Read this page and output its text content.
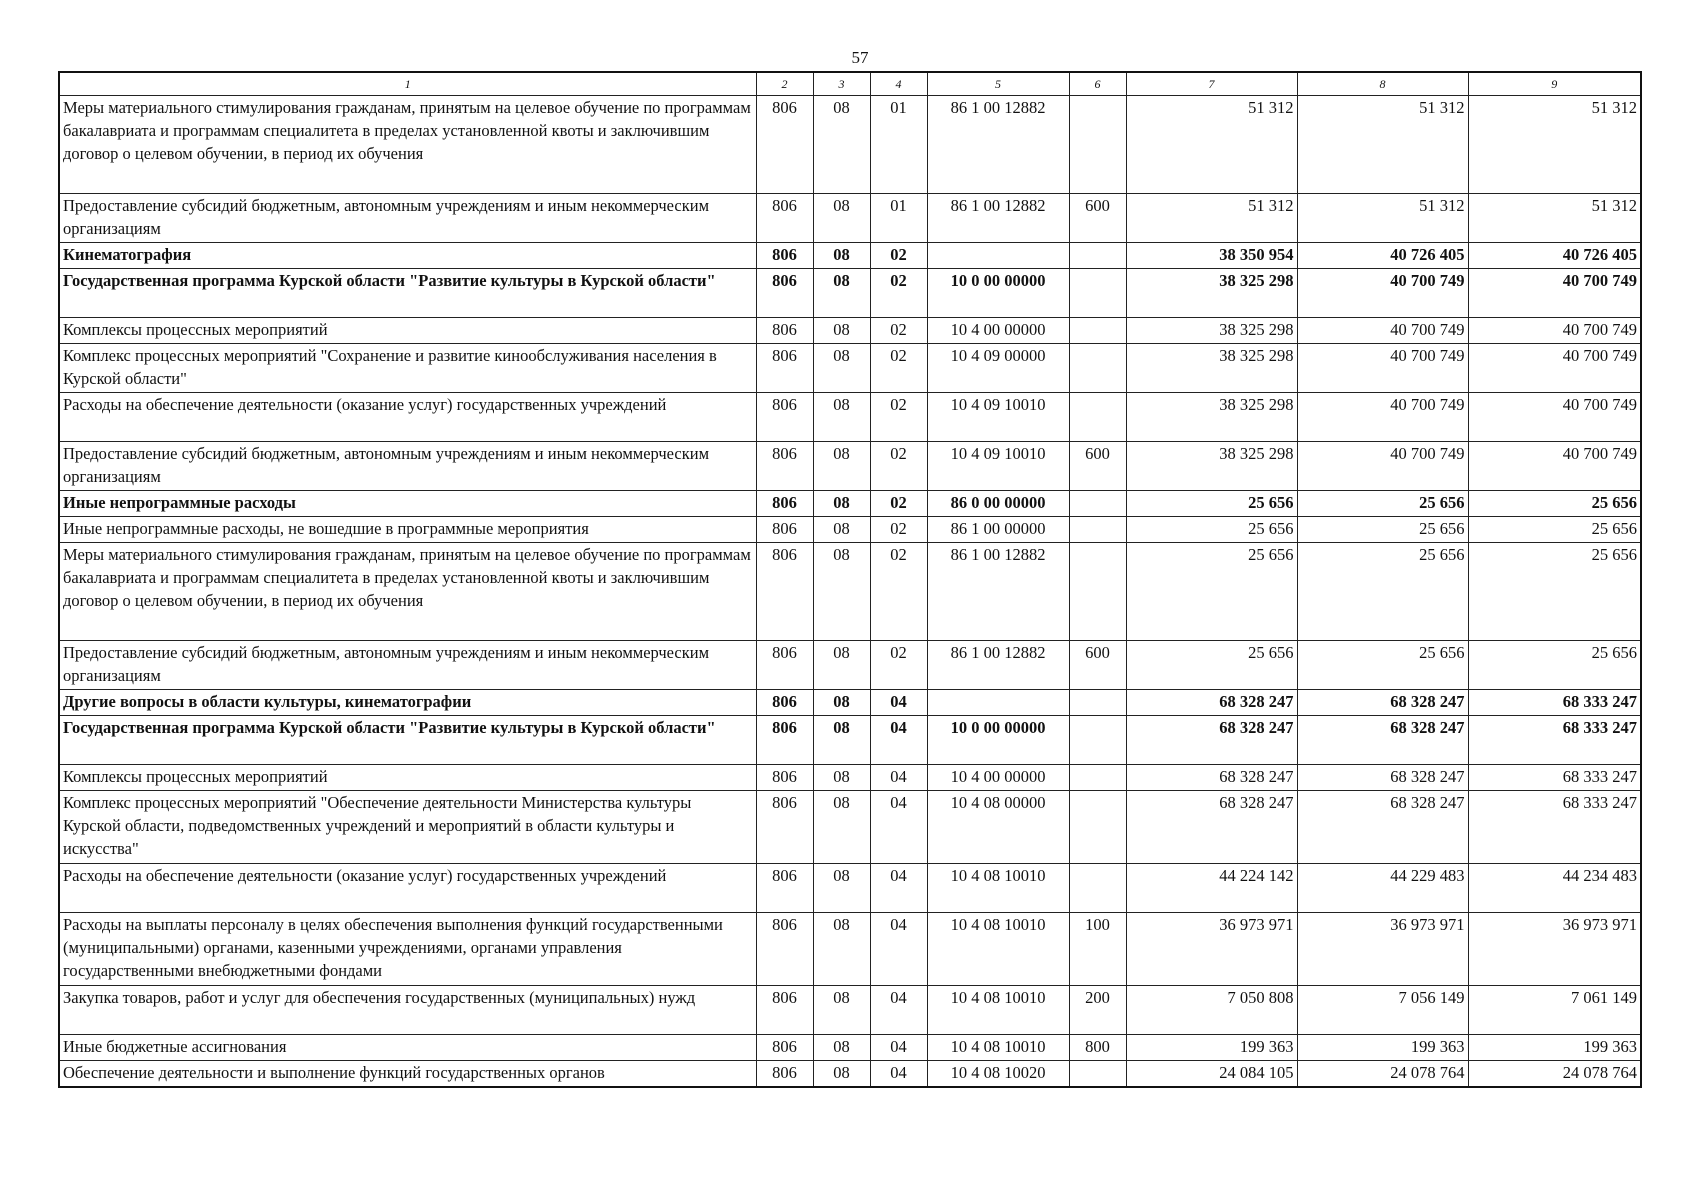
57
1	2	3	4	5	6	7	8	9
Меры материального стимулирования гражданам, принятым на целевое обучение по программам бакалавриата и программам специалитета в пределах установленной квоты и заключившим договор о целевом обучении, в период их обучения	806	08	01	86 1 00 12882		51 312	51 312	51 312
Предоставление субсидий бюджетным, автономным учреждениям и иным некоммерческим организациям	806	08	01	86 1 00 12882	600	51 312	51 312	51 312
Кинематография	806	08	02			38 350 954	40 726 405	40 726 405
Государственная программа Курской области "Развитие культуры в Курской области"	806	08	02	10 0 00 00000		38 325 298	40 700 749	40 700 749
Комплексы процессных мероприятий	806	08	02	10 4 00 00000		38 325 298	40 700 749	40 700 749
Комплекс процессных мероприятий "Сохранение и развитие кинообслуживания населения в Курской области"	806	08	02	10 4 09 00000		38 325 298	40 700 749	40 700 749
Расходы на обеспечение деятельности (оказание услуг) государственных учреждений	806	08	02	10 4 09 10010		38 325 298	40 700 749	40 700 749
Предоставление субсидий бюджетным, автономным учреждениям и иным некоммерческим организациям	806	08	02	10 4 09 10010	600	38 325 298	40 700 749	40 700 749
Иные непрограммные расходы	806	08	02	86 0 00 00000		25 656	25 656	25 656
Иные непрограммные расходы, не вошедшие в программные мероприятия	806	08	02	86 1 00 00000		25 656	25 656	25 656
Меры материального стимулирования гражданам, принятым на целевое обучение по программам бакалавриата и программам специалитета в пределах установленной квоты и заключившим договор о целевом обучении, в период их обучения	806	08	02	86 1 00 12882		25 656	25 656	25 656
Предоставление субсидий бюджетным, автономным учреждениям и иным некоммерческим организациям	806	08	02	86 1 00 12882	600	25 656	25 656	25 656
Другие вопросы в области культуры, кинематографии	806	08	04			68 328 247	68 328 247	68 333 247
Государственная программа Курской области "Развитие культуры в Курской области"	806	08	04	10 0 00 00000		68 328 247	68 328 247	68 333 247
Комплексы процессных мероприятий	806	08	04	10 4 00 00000		68 328 247	68 328 247	68 333 247
Комплекс процессных мероприятий "Обеспечение деятельности Министерства культуры Курской области, подведомственных учреждений и мероприятий в области культуры и искусства"	806	08	04	10 4 08 00000		68 328 247	68 328 247	68 333 247
Расходы на обеспечение деятельности (оказание услуг) государственных учреждений	806	08	04	10 4 08 10010		44 224 142	44 229 483	44 234 483
Расходы на выплаты персоналу в целях обеспечения выполнения функций государственными (муниципальными) органами, казенными учреждениями, органами управления государственными внебюджетными фондами	806	08	04	10 4 08 10010	100	36 973 971	36 973 971	36 973 971
Закупка товаров, работ и услуг для обеспечения государственных (муниципальных) нужд	806	08	04	10 4 08 10010	200	7 050 808	7 056 149	7 061 149
Иные бюджетные ассигнования	806	08	04	10 4 08 10010	800	199 363	199 363	199 363
Обеспечение деятельности и выполнение функций государственных органов	806	08	04	10 4 08 10020		24 084 105	24 078 764	24 078 764
